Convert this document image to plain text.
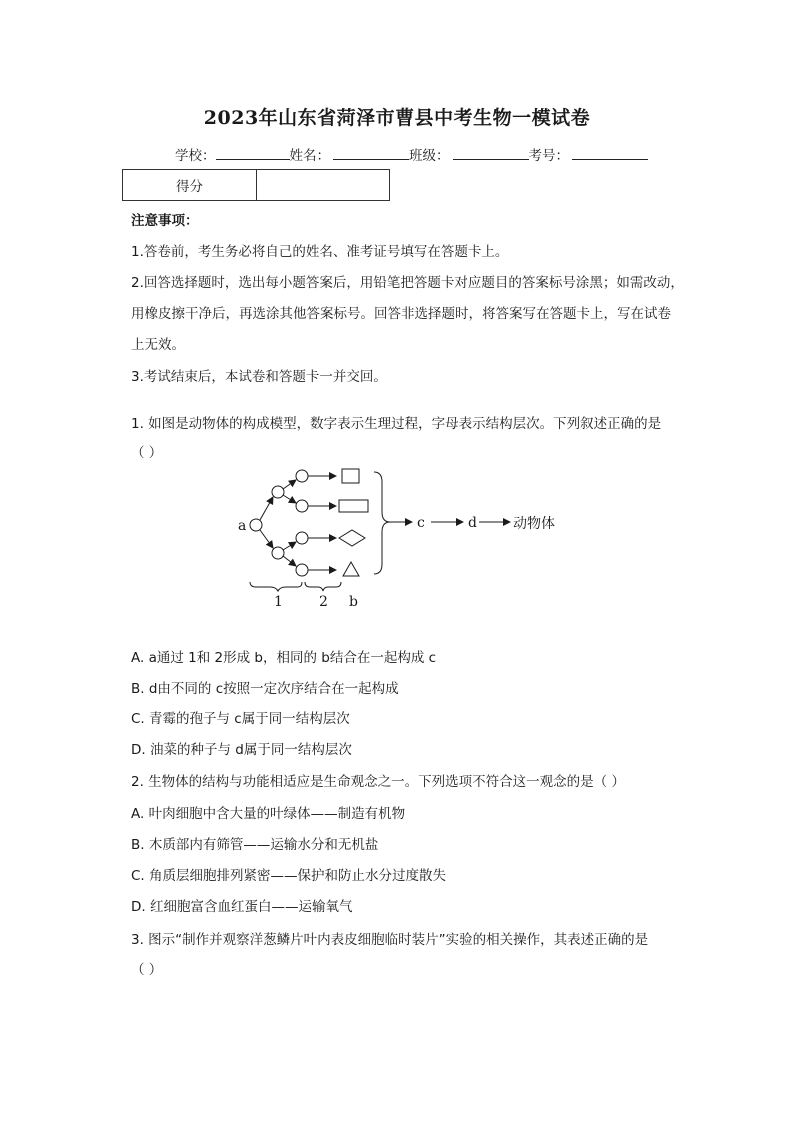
2023年山东省菏泽市曹县中考生物一模试卷
学校：	姓名：	班级：	考号：
得分	
注意事项：
1.答卷前，考生务必将自己的姓名、准考证号填写在答题卡上。
2.回答选择题时，选出每小题答案后，用铅笔把答题卡对应题目的答案标号涂黑；如需改动，
用橡皮擦干净后，再选涂其他答案标号。回答非选择题时，将答案写在答题卡上，写在试卷
上无效。
3.考试结束后，本试卷和答题卡一并交回。
1. 如图是动物体的构成模型，数字表示生理过程，字母表示结构层次。下列叙述正确的是
（ ）
a	c	d	动物体
1	2 b
A. a通过 1和 2形成 b，相同的 b结合在一起构成 c
B. d由不同的 c按照一定次序结合在一起构成
C. 青霉的孢子与 c属于同一结构层次
D. 油菜的种子与 d属于同一结构层次
2. 生物体的结构与功能相适应是生命观念之一。下列选项不符合这一观念的是（ ）
A. 叶肉细胞中含大量的叶绿体——制造有机物
B. 木质部内有筛管——运输水分和无机盐
C. 角质层细胞排列紧密——保护和防止水分过度散失
D. 红细胞富含血红蛋白——运输氧气
3. 图示“制作并观察洋葱鳞片叶内表皮细胞临时装片”实验的相关操作，其表述正确的是
（ ）
